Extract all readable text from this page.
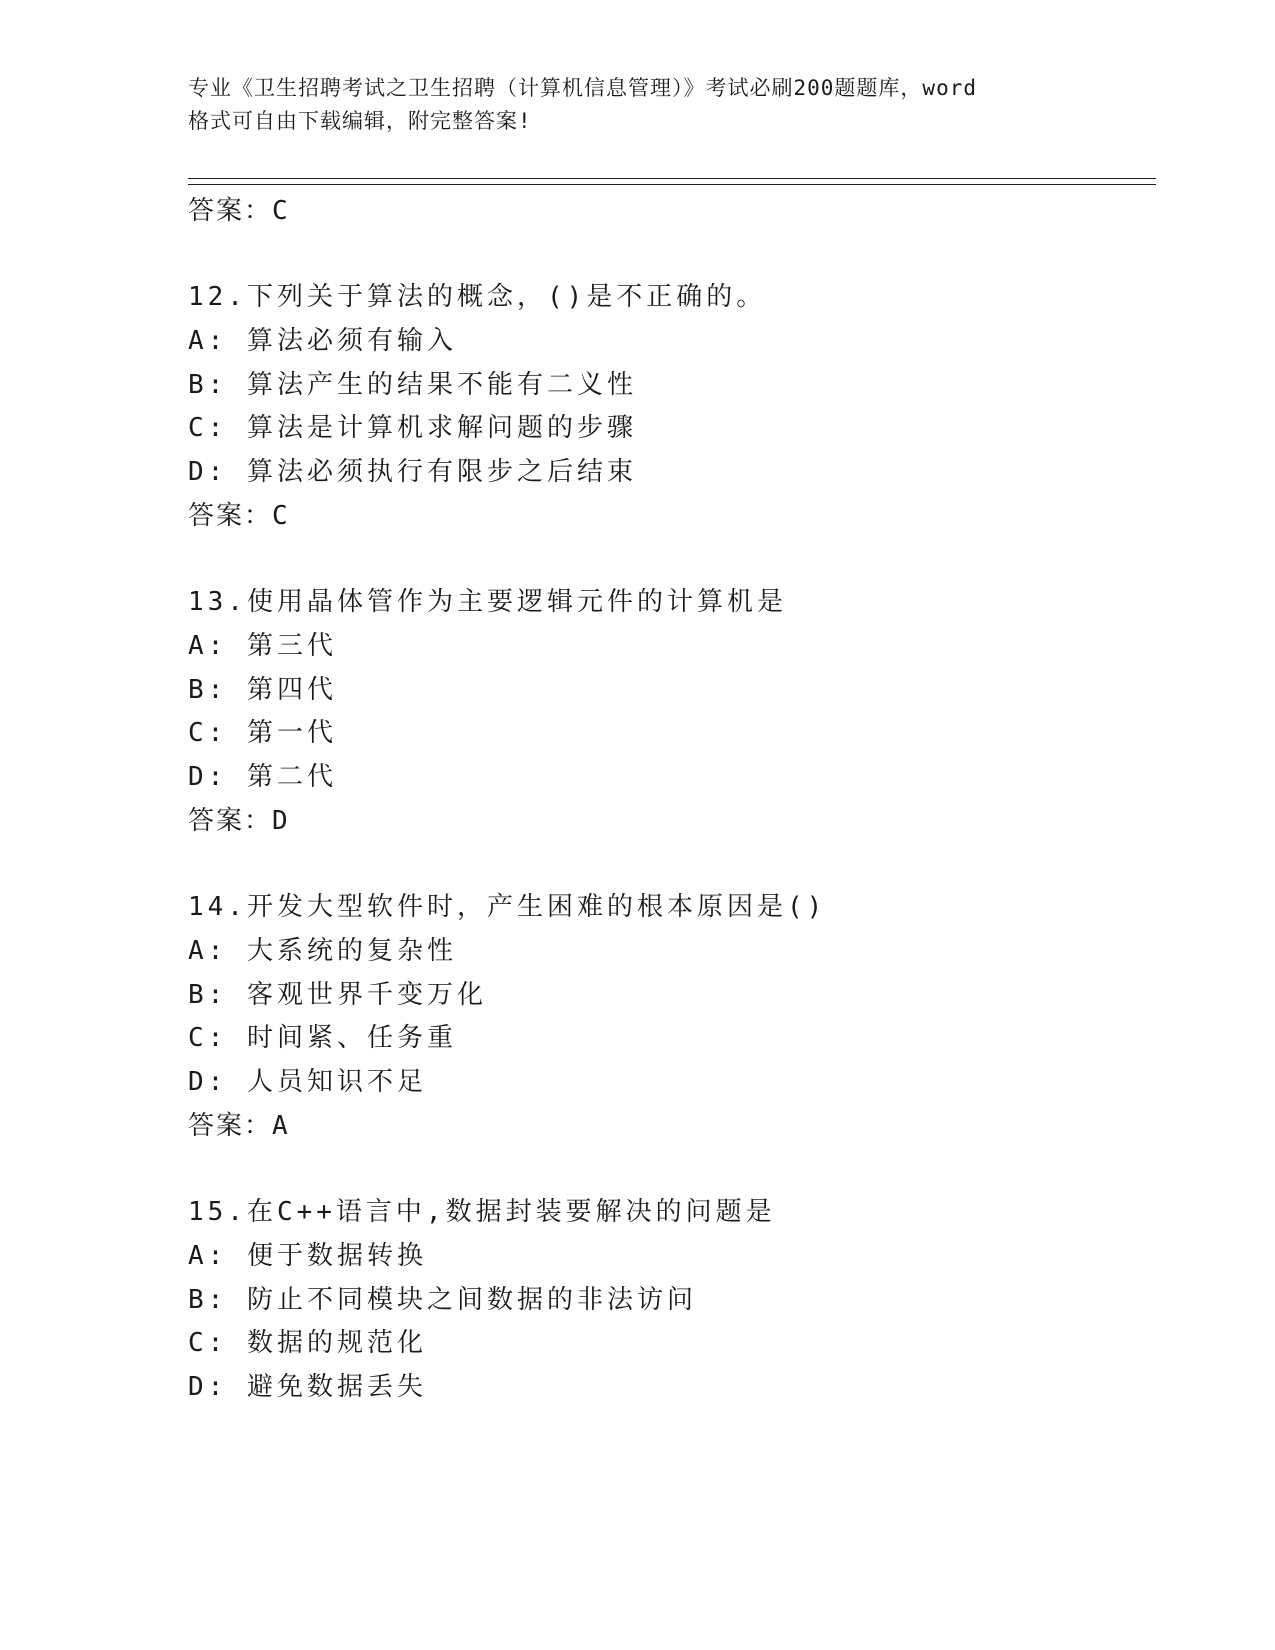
专业《卫生招聘考试之卫生招聘（计算机信息管理）》考试必刷200题题库，word
格式可自由下载编辑，附完整答案!
答案：C
12.下列关于算法的概念，()是不正确的。
A: 算法必须有输入
B: 算法产生的结果不能有二义性
C: 算法是计算机求解问题的步骤
D: 算法必须执行有限步之后结束
答案：C
13.使用晶体管作为主要逻辑元件的计算机是
A: 第三代
B: 第四代
C: 第一代
D: 第二代
答案：D
14.开发大型软件时，产生困难的根本原因是()
A: 大系统的复杂性
B: 客观世界千变万化
C: 时间紧、任务重
D: 人员知识不足
答案：A
15.在C++语言中,数据封装要解决的问题是
A: 便于数据转换
B: 防止不同模块之间数据的非法访问
C: 数据的规范化
D: 避免数据丢失
